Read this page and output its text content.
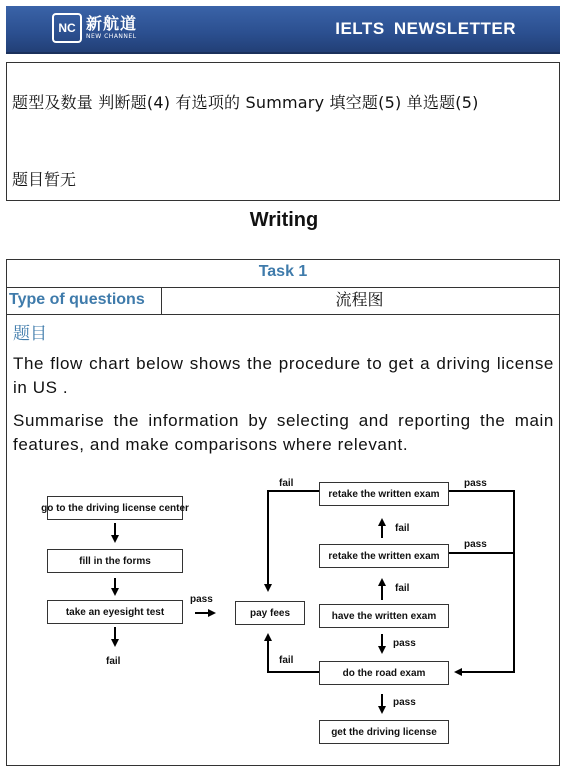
NC 新航道
NEW CHANNEL	IELTS NEWSLETTER
题型及数量 判断题(4) 有选项的 Summary 填空题(5) 单选题(5)
题目暂无
Writing
Task 1
Type of questions	流程图
题目
The flow chart below shows the procedure to get a driving license in US .
Summarise the information by selecting and reporting the main features, and make comparisons where relevant.
go to the driving license center
fill in the forms
take an eyesight test	pay fees
retake the written exam
retake the written exam
have the written exam
do the road exam
get the driving license
pass
fail
fail	pass
fail
pass
fail
pass
fail
pass
